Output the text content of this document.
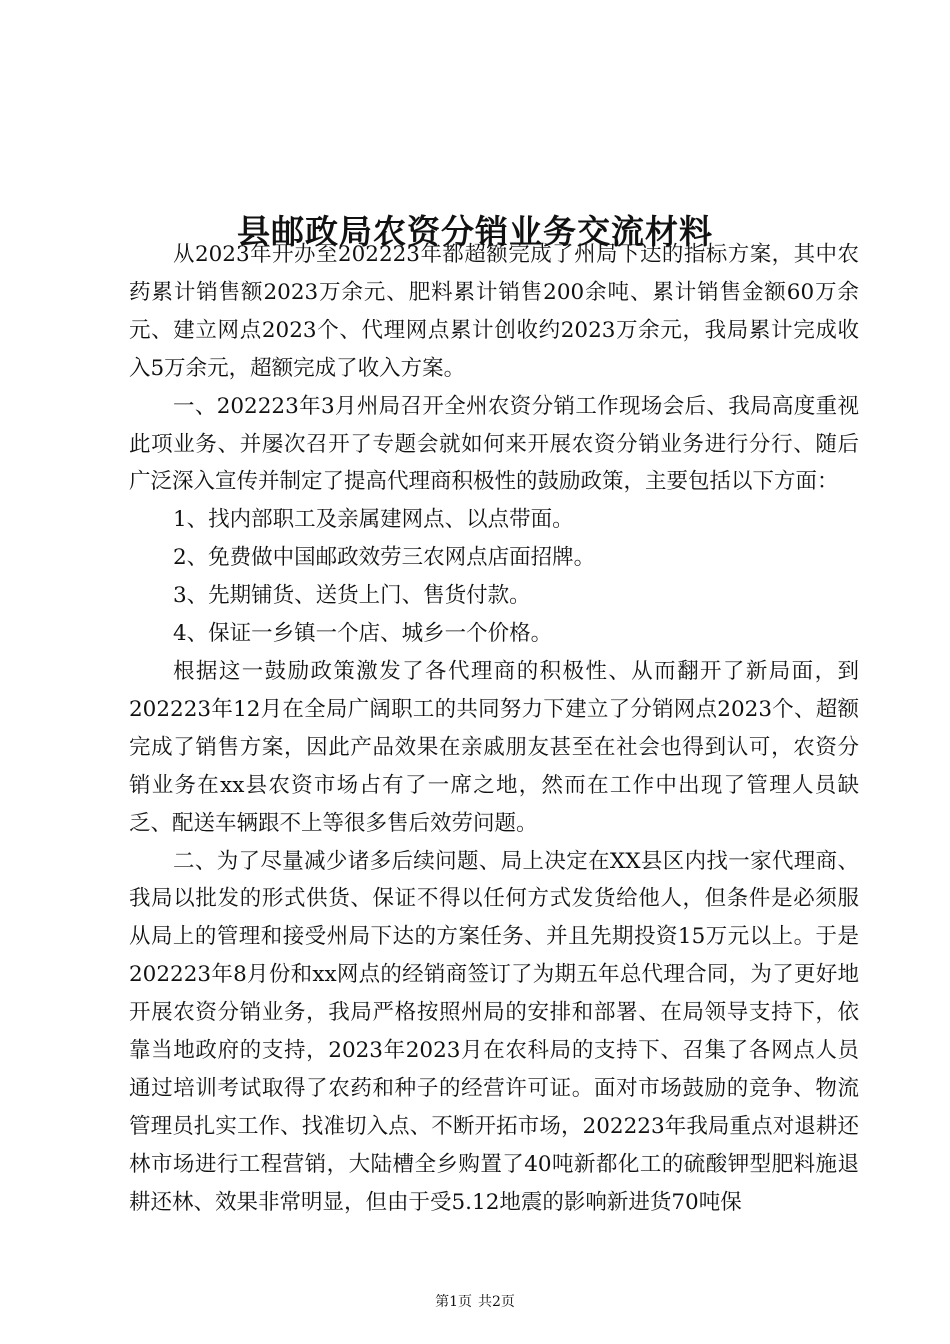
县邮政局农资分销业务交流材料

从2023年开办至202223年都超额完成了州局下达的指标方案，其中农药累计销售额2023万余元、肥料累计销售200余吨、累计销售金额60万余元、建立网点2023个、代理网点累计创收约2023万余元，我局累计完成收入5万余元，超额完成了收入方案。

一、202223年3月州局召开全州农资分销工作现场会后、我局高度重视此项业务、并屡次召开了专题会就如何来开展农资分销业务进行分行、随后广泛深入宣传并制定了提高代理商积极性的鼓励政策，主要包括以下方面：

1、找内部职工及亲属建网点、以点带面。

2、免费做中国邮政效劳三农网点店面招牌。

3、先期铺货、送货上门、售货付款。

4、保证一乡镇一个店、城乡一个价格。

根据这一鼓励政策激发了各代理商的积极性、从而翻开了新局面，到202223年12月在全局广阔职工的共同努力下建立了分销网点2023个、超额完成了销售方案，因此产品效果在亲戚朋友甚至在社会也得到认可，农资分销业务在xx县农资市场占有了一席之地，然而在工作中出现了管理人员缺乏、配送车辆跟不上等很多售后效劳问题。

二、为了尽量减少诸多后续问题、局上决定在XX县区内找一家代理商、我局以批发的形式供货、保证不得以任何方式发货给他人，但条件是必须服从局上的管理和接受州局下达的方案任务、并且先期投资15万元以上。于是202223年8月份和xx网点的经销商签订了为期五年总代理合同，为了更好地开展农资分销业务，我局严格按照州局的安排和部署、在局领导支持下，依靠当地政府的支持，2023年2023月在农科局的支持下、召集了各网点人员通过培训考试取得了农药和种子的经营许可证。面对市场鼓励的竞争、物流管理员扎实工作、找准切入点、不断开拓市场，202223年我局重点对退耕还林市场进行工程营销，大陆槽全乡购置了40吨新都化工的硫酸钾型肥料施退耕还林、效果非常明显，但由于受5.12地震的影响新进货70吨保

第1页 共2页
